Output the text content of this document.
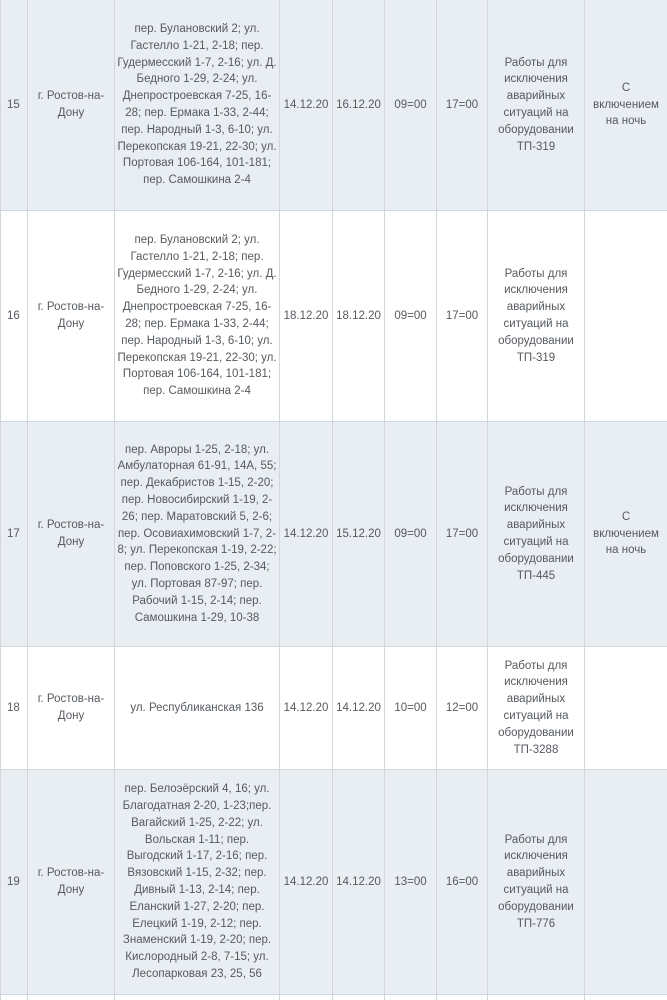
15	г. Ростов-на-Дону	пер. Булановский 2; ул. Гастелло 1-21, 2-18; пер. Гудермесский 1-7, 2-16; ул. Д. Бедного 1-29, 2-24; ул. Днепростроевская 7-25, 16-28; пер. Ермака 1-33, 2-44; пер. Народный 1-3, 6-10; ул. Перекопская 19-21, 22-30; ул. Портовая 106-164, 101-181; пер. Самошкина 2-4	14.12.20	16.12.20	09=00	17=00	Работы для исключения аварийных ситуаций на оборудовании ТП-319	С включением на ночь
16	г. Ростов-на-Дону	пер. Булановский 2; ул. Гастелло 1-21, 2-18; пер. Гудермесский 1-7, 2-16; ул. Д. Бедного 1-29, 2-24; ул. Днепростроевская 7-25, 16-28; пер. Ермака 1-33, 2-44; пер. Народный 1-3, 6-10; ул. Перекопская 19-21, 22-30; ул. Портовая 106-164, 101-181; пер. Самошкина 2-4	18.12.20	18.12.20	09=00	17=00	Работы для исключения аварийных ситуаций на оборудовании ТП-319	
17	г. Ростов-на-Дону	пер. Авроры 1-25, 2-18; ул. Амбулаторная 61-91, 14А, 55; пер. Декабристов 1-15, 2-20; пер. Новосибирский 1-19, 2-26; пер. Маратовский 5, 2-6; пер. Осовиахимовский 1-7, 2-8; ул. Перекопская 1-19, 2-22; пер. Поповского 1-25, 2-34; ул. Портовая 87-97; пер. Рабочий 1-15, 2-14; пер. Самошкина 1-29, 10-38	14.12.20	15.12.20	09=00	17=00	Работы для исключения аварийных ситуаций на оборудовании ТП-445	С включением на ночь
18	г. Ростов-на-Дону	ул. Республиканская 136	14.12.20	14.12.20	10=00	12=00	Работы для исключения аварийных ситуаций на оборудовании ТП-3288	
19	г. Ростов-на-Дону	пер. Белоэёрский 4, 16; ул. Благодатная 2-20, 1-23;пер. Вагайский 1-25, 2-22; ул. Вольская 1-11; пер. Выгодский 1-17, 2-16; пер. Вязовский 1-15, 2-32; пер. Дивный 1-13, 2-14; пер. Еланский 1-27, 2-20; пер. Елецкий 1-19, 2-12; пер. Знаменский 1-19, 2-20; пер. Кислородный 2-8, 7-15; ул. Лесопарковая 23, 25, 56	14.12.20	14.12.20	13=00	16=00	Работы для исключения аварийных ситуаций на оборудовании ТП-776	
